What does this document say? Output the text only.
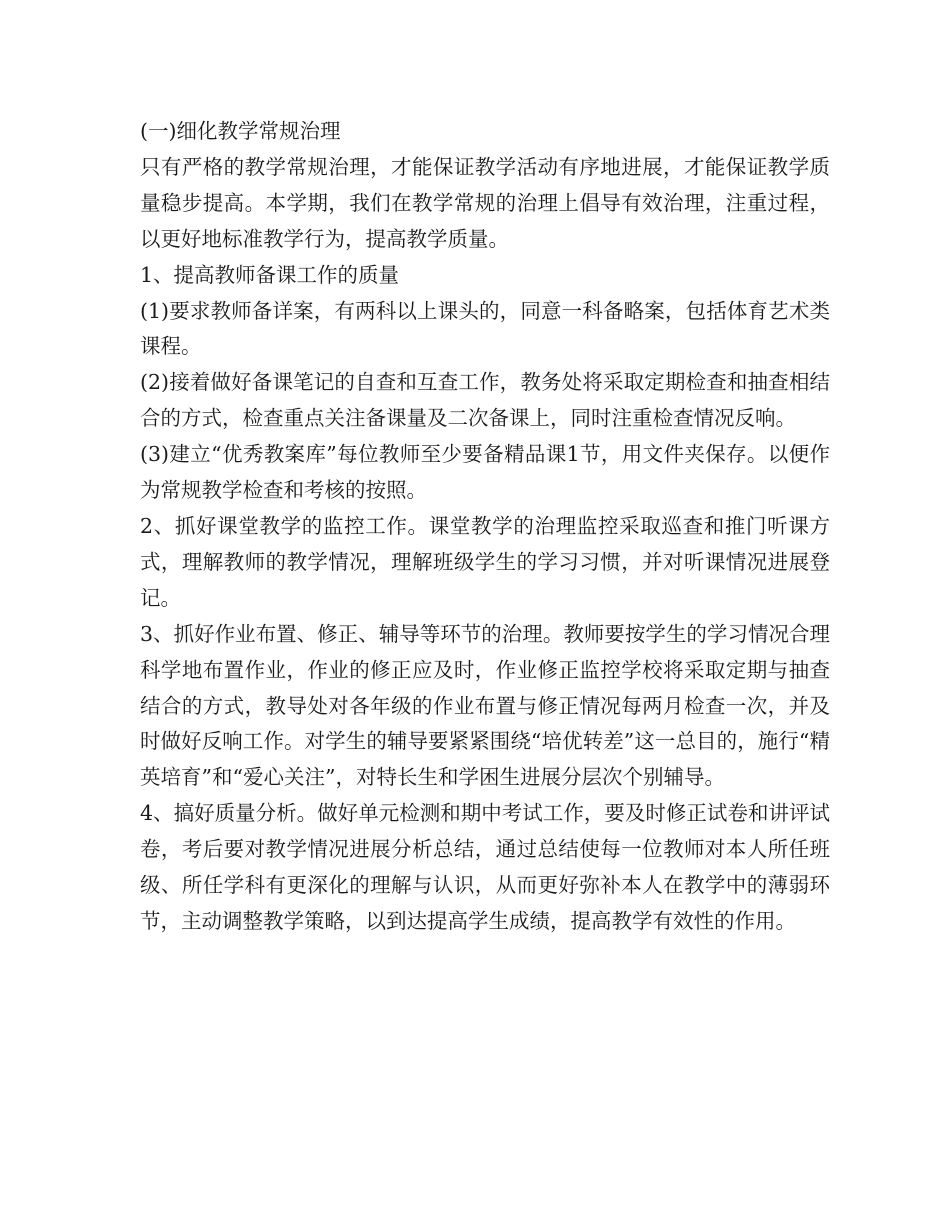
(一)细化教学常规治理

只有严格的教学常规治理，才能保证教学活动有序地进展，才能保证教学质量稳步提高。本学期，我们在教学常规的治理上倡导有效治理，注重过程，以更好地标准教学行为，提高教学质量。

1、提高教师备课工作的质量

(1)要求教师备详案，有两科以上课头的，同意一科备略案，包括体育艺术类课程。

(2)接着做好备课笔记的自查和互查工作，教务处将采取定期检查和抽查相结合的方式，检查重点关注备课量及二次备课上，同时注重检查情况反响。

(3)建立“优秀教案库”每位教师至少要备精品课1节，用文件夹保存。以便作为常规教学检查和考核的按照。

2、抓好课堂教学的监控工作。课堂教学的治理监控采取巡查和推门听课方式，理解教师的教学情况，理解班级学生的学习习惯，并对听课情况进展登记。

3、抓好作业布置、修正、辅导等环节的治理。教师要按学生的学习情况合理科学地布置作业，作业的修正应及时，作业修正监控学校将采取定期与抽查结合的方式，教导处对各年级的作业布置与修正情况每两月检查一次，并及时做好反响工作。对学生的辅导要紧紧围绕“培优转差”这一总目的，施行“精英培育”和“爱心关注”，对特长生和学困生进展分层次个别辅导。

4、搞好质量分析。做好单元检测和期中考试工作，要及时修正试卷和讲评试卷，考后要对教学情况进展分析总结，通过总结使每一位教师对本人所任班级、所任学科有更深化的理解与认识，从而更好弥补本人在教学中的薄弱环节，主动调整教学策略，以到达提高学生成绩，提高教学有效性的作用。
